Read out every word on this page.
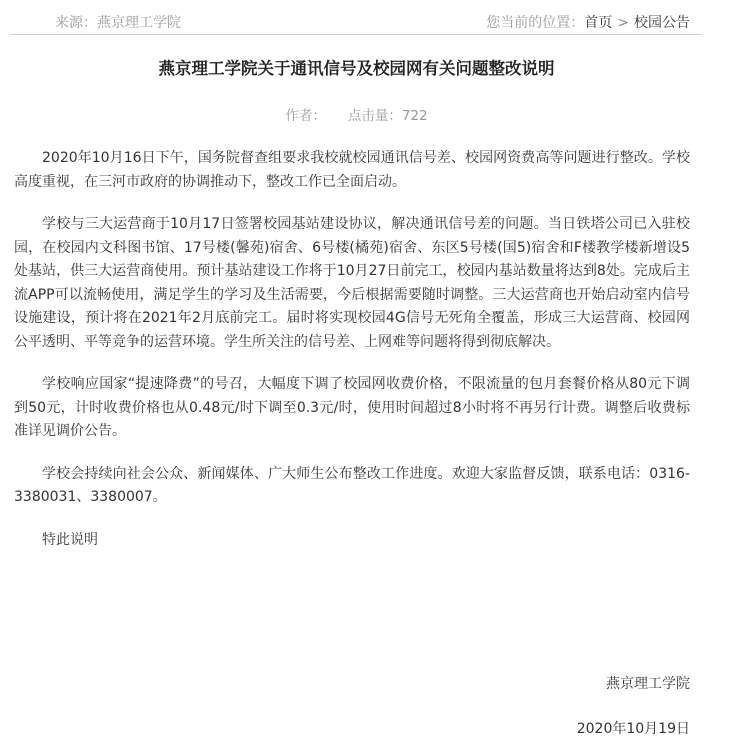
来源：燕京理工学院	您当前的位置：首页 > 校园公告
燕京理工学院关于通讯信号及校园网有关问题整改说明
作者： 点击量：722

2020年10月16日下午，国务院督查组要求我校就校园通讯信号差、校园网资费高等问题进行整改。学校高度重视，在三河市政府的协调推动下，整改工作已全面启动。

学校与三大运营商于10月17日签署校园基站建设协议，解决通讯信号差的问题。当日铁塔公司已入驻校园，在校园内文科图书馆、17号楼(馨苑)宿舍、6号楼(橘苑)宿舍、东区5号楼(国5)宿舍和F楼教学楼新增设5处基站，供三大运营商使用。预计基站建设工作将于10月27日前完工，校园内基站数量将达到8处。完成后主流APP可以流畅使用，满足学生的学习及生活需要，今后根据需要随时调整。三大运营商也开始启动室内信号设施建设，预计将在2021年2月底前完工。届时将实现校园4G信号无死角全覆盖，形成三大运营商、校园网公平透明、平等竞争的运营环境。学生所关注的信号差、上网难等问题将得到彻底解决。

学校响应国家“提速降费”的号召，大幅度下调了校园网收费价格，不限流量的包月套餐价格从80元下调到50元，计时收费价格也从0.48元/时下调至0.3元/时，使用时间超过8小时将不再另行计费。调整后收费标准详见调价公告。

学校会持续向社会公众、新闻媒体、广大师生公布整改工作进度。欢迎大家监督反馈，联系电话：0316-3380031、3380007。

特此说明

燕京理工学院
2020年10月19日
